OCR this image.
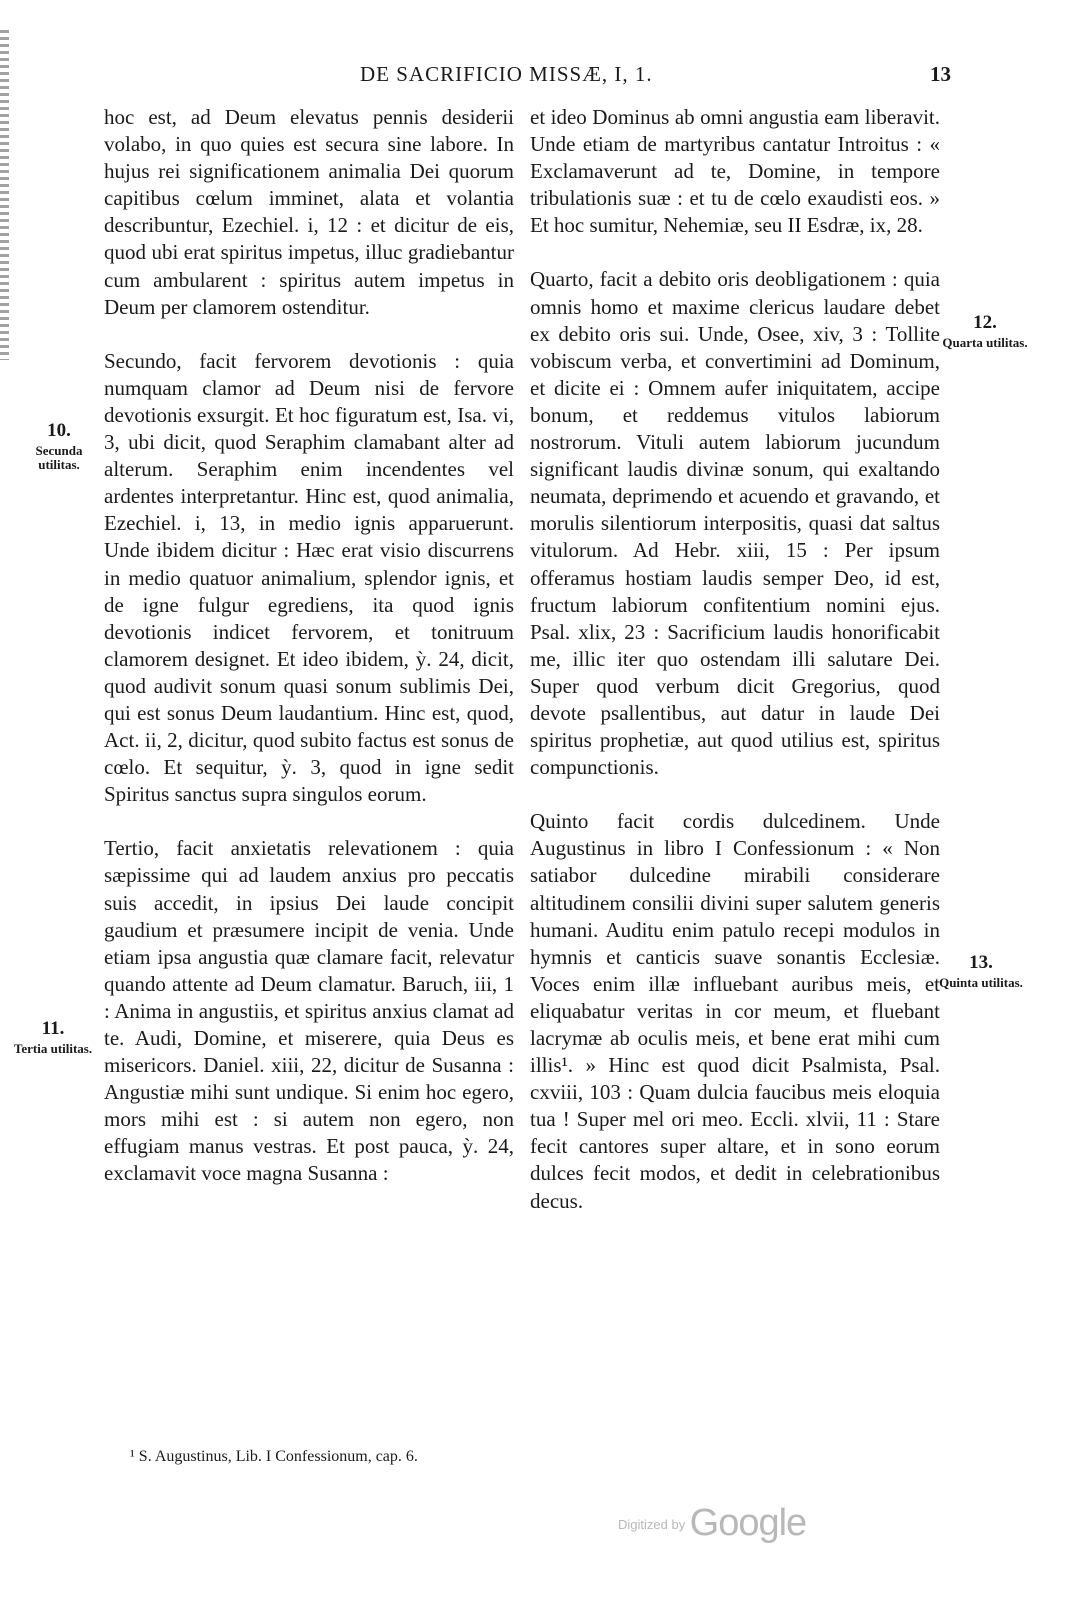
DE SACRIFICIO MISSÆ, I, 1.	13

hoc est, ad Deum elevatus pennis desiderii volabo, in quo quies est secura sine labore. In hujus rei significationem animalia Dei quorum capitibus cœlum imminet, alata et volantia describuntur, Ezechiel. i, 12 : et dicitur de eis, quod ubi erat spiritus impetus, illuc gradiebantur cum ambularent : spiritus autem impetus in Deum per clamorem ostenditur.

Secundo, facit fervorem devotionis : quia numquam clamor ad Deum nisi de fervore devotionis exsurgit. Et hoc figuratum est, Isa. vi, 3, ubi dicit, quod Seraphim clamabant alter ad alterum. Seraphim enim incendentes vel ardentes interpretantur. Hinc est, quod animalia, Ezechiel. i, 13, in medio ignis apparuerunt. Unde ibidem dicitur : Hæc erat visio discurrens in medio quatuor animalium, splendor ignis, et de igne fulgur egrediens, ita quod ignis devotionis indicet fervorem, et tonitruum clamorem designet. Et ideo ibidem, ỳ. 24, dicit, quod audivit sonum quasi sonum sublimis Dei, qui est sonus Deum laudantium. Hinc est, quod, Act. ii, 2, dicitur, quod subito factus est sonus de cœlo. Et sequitur, ỳ. 3, quod in igne sedit Spiritus sanctus supra singulos eorum.

Tertio, facit anxietatis relevationem : quia sæpissime qui ad laudem anxius pro peccatis suis accedit, in ipsius Dei laude concipit gaudium et præsumere incipit de venia. Unde etiam ipsa angustia quæ clamare facit, relevatur quando attente ad Deum clamatur. Baruch, iii, 1 : Anima in angustiis, et spiritus anxius clamat ad te. Audi, Domine, et miserere, quia Deus es misericors. Daniel. xiii, 22, dicitur de Susanna : Angustiæ mihi sunt undique. Si enim hoc egero, mors mihi est : si autem non egero, non effugiam manus vestras. Et post pauca, ỳ. 24, exclamavit voce magna Susanna :

et ideo Dominus ab omni angustia eam liberavit. Unde etiam de martyribus cantatur Introitus : « Exclamaverunt ad te, Domine, in tempore tribulationis suæ : et tu de cœlo exaudisti eos. » Et hoc sumitur, Nehemiæ, seu II Esdræ, ix, 28.

Quarto, facit a debito oris deobligationem : quia omnis homo et maxime clericus laudare debet ex debito oris sui. Unde, Osee, xiv, 3 : Tollite vobiscum verba, et convertimini ad Dominum, et dicite ei : Omnem aufer iniquitatem, accipe bonum, et reddemus vitulos labiorum nostrorum. Vituli autem labiorum jucundum significant laudis divinæ sonum, qui exaltando neumata, deprimendo et acuendo et gravando, et morulis silentiorum interpositis, quasi dat saltus vitulorum. Ad Hebr. xiii, 15 : Per ipsum offeramus hostiam laudis semper Deo, id est, fructum labiorum confitentium nomini ejus. Psal. xlix, 23 : Sacrificium laudis honorificabit me, illic iter quo ostendam illi salutare Dei. Super quod verbum dicit Gregorius, quod devote psallentibus, aut datur in laude Dei spiritus prophetiæ, aut quod utilius est, spiritus compunctionis.

Quinto facit cordis dulcedinem. Unde Augustinus in libro I Confessionum : « Non satiabor dulcedine mirabili considerare altitudinem consilii divini super salutem generis humani. Auditu enim patulo recepi modulos in hymnis et canticis suave sonantis Ecclesiæ. Voces enim illæ influebant auribus meis, et eliquabatur veritas in cor meum, et fluebant lacrymæ ab oculis meis, et bene erat mihi cum illis¹. » Hinc est quod dicit Psalmista, Psal. cxviii, 103 : Quam dulcia faucibus meis eloquia tua ! Super mel ori meo. Eccli. xlvii, 11 : Stare fecit cantores super altare, et in sono eorum dulces fecit modos, et dedit in celebrationibus decus.

10.
Secunda utilitas.
11.
Tertia utilitas.
12.
Quarta utilitas.
13.
Quinta utilitas.
¹ S. Augustinus, Lib. I Confessionum, cap. 6.
$^{Digitized by}$ Google
